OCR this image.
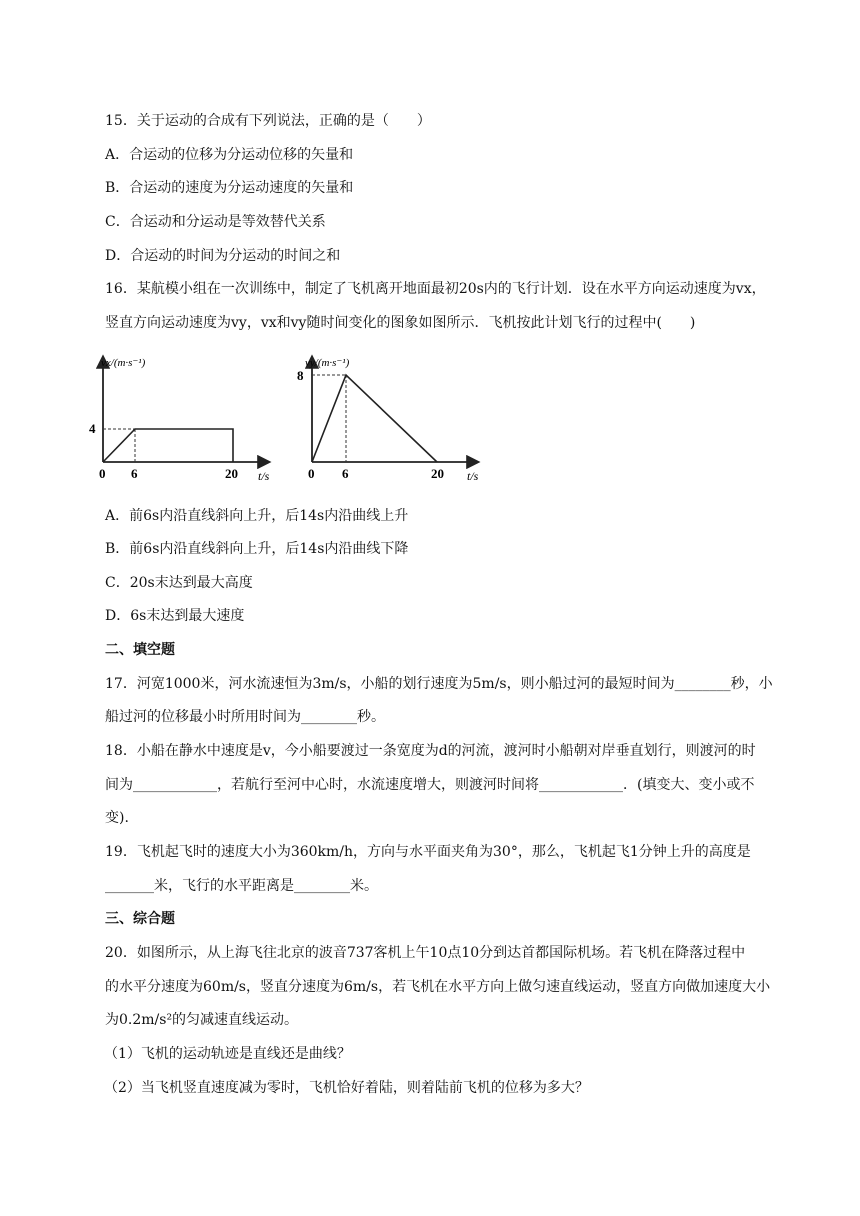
15．关于运动的合成有下列说法，正确的是（　　）
A．合运动的位移为分运动位移的矢量和
B．合运动的速度为分运动速度的矢量和
C．合运动和分运动是等效替代关系
D．合运动的时间为分运动的时间之和
16．某航模小组在一次训练中，制定了飞机离开地面最初20s内的飞行计划．设在水平方向运动速度为vx，
竖直方向运动速度为vy，vx和vy随时间变化的图象如图所示．飞机按此计划飞行的过程中(　　)
vx/(m·s⁻¹)
4
0 6	20 t/s
vy/(m·s⁻¹)
8
0 6	20 t/s
A．前6s内沿直线斜向上升，后14s内沿曲线上升
B．前6s内沿直线斜向上升，后14s内沿曲线下降
C．20s末达到最大高度
D．6s末达到最大速度
二、填空题
17．河宽1000米，河水流速恒为3m/s，小船的划行速度为5m/s，则小船过河的最短时间为________秒，小
船过河的位移最小时所用时间为________秒。
18．小船在静水中速度是v，今小船要渡过一条宽度为d的河流，渡河时小船朝对岸垂直划行，则渡河的时
间为____________，若航行至河中心时，水流速度增大，则渡河时间将____________．(填变大、变小或不
变).
19．飞机起飞时的速度大小为360km/h，方向与水平面夹角为30°，那么，飞机起飞1分钟上升的高度是
_______米，飞行的水平距离是________米。
三、综合题
20．如图所示，从上海飞往北京的波音737客机上午10点10分到达首都国际机场。若飞机在降落过程中
的水平分速度为60m/s，竖直分速度为6m/s，若飞机在水平方向上做匀速直线运动，竖直方向做加速度大小
为0.2m/s²的匀减速直线运动。
（1）飞机的运动轨迹是直线还是曲线？
（2）当飞机竖直速度减为零时，飞机恰好着陆，则着陆前飞机的位移为多大？
